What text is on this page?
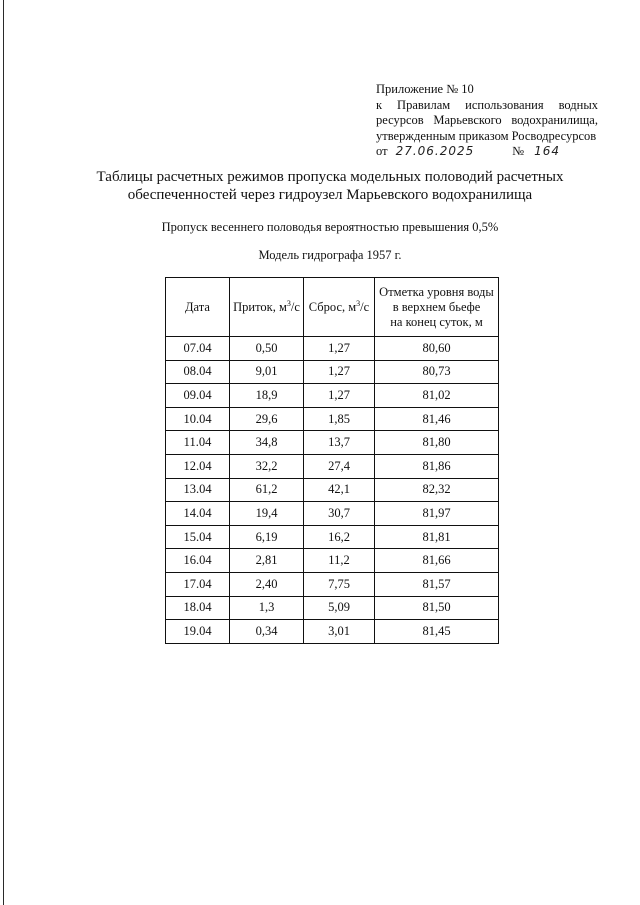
Приложение № 10
к Правилам использования водных
ресурсов Марьевского водохранилища,
утвержденным приказом Росводресурсов
от 27.06.2025	№ 164
Таблицы расчетных режимов пропуска модельных половодий расчетных
обеспеченностей через гидроузел Марьевского водохранилища
Пропуск весеннего половодья вероятностью превышения 0,5%
Модель гидрографа 1957 г.
Дата	Приток, $м^3/с$	Сброс, $м^3/с$	Отметка уровня воды
в верхнем бьефе
на конец суток, м

07.04	0,50	1,27	80,60
08.04	9,01	1,27	80,73
09.04	18,9	1,27	81,02
10.04	29,6	1,85	81,46
11.04	34,8	13,7	81,80
12.04	32,2	27,4	81,86
13.04	61,2	42,1	82,32
14.04	19,4	30,7	81,97
15.04	6,19	16,2	81,81
16.04	2,81	11,2	81,66
17.04	2,40	7,75	81,57
18.04	1,3	5,09	81,50
19.04	0,34	3,01	81,45
